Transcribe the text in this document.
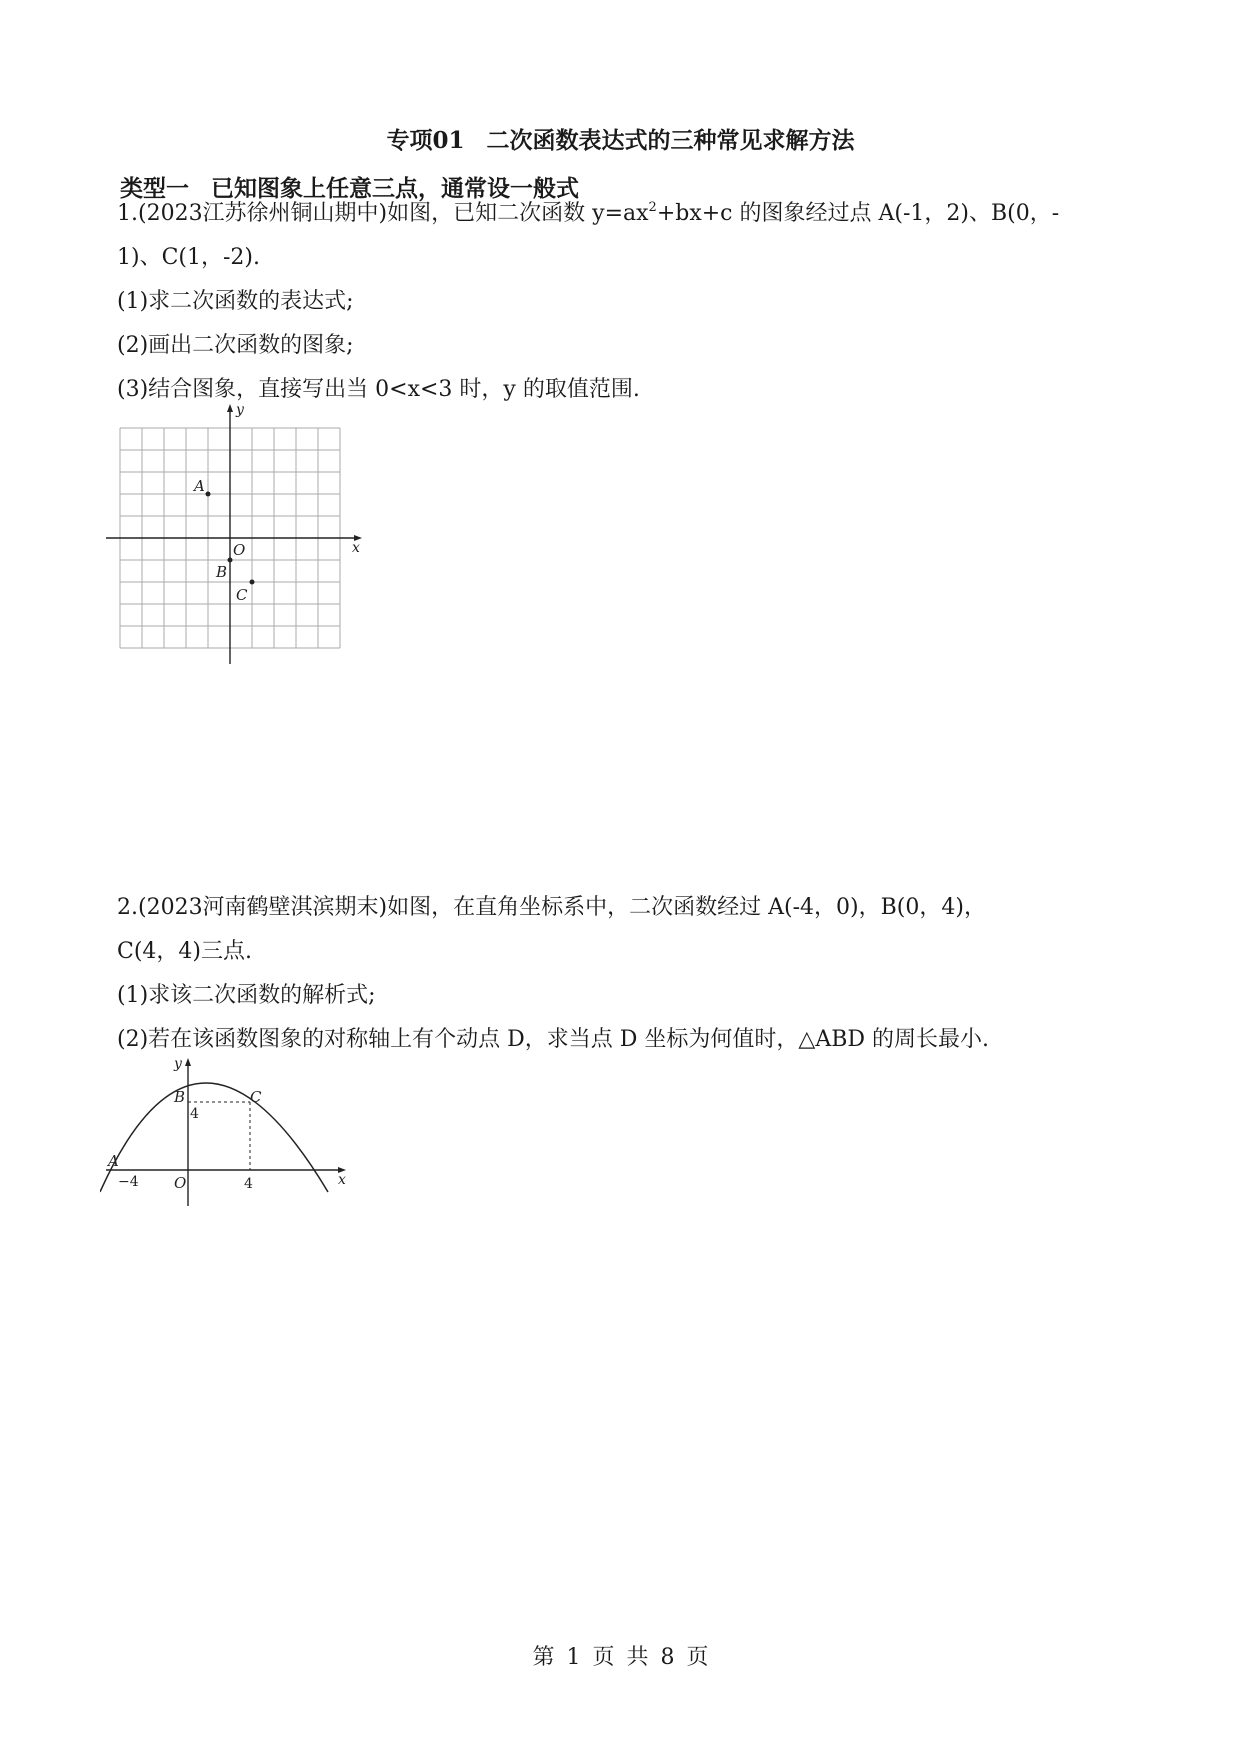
专项01 二次函数表达式的三种常见求解方法
类型一 已知图象上任意三点，通常设一般式
1.(2023江苏徐州铜山期中)如图，已知二次函数 $y=ax^2+bx+c$ 的图象经过点 A(-1，2)、B(0，-
1)、C(1，-2).
(1)求二次函数的表达式;
(2)画出二次函数的图象;
(3)结合图象，直接写出当 0<x<3 时，y 的取值范围.
x
y
O
A
B
C
2.(2023河南鹤壁淇滨期末)如图，在直角坐标系中，二次函数经过 A(-4，0)，B(0，4)，
C(4，4)三点.
(1)求该二次函数的解析式;
(2)若在该函数图象的对称轴上有个动点 D，求当点 D 坐标为何值时，△ABD 的周长最小.
x
y
O
A
B	C
−4	4
4
第 1 页 共 8 页
